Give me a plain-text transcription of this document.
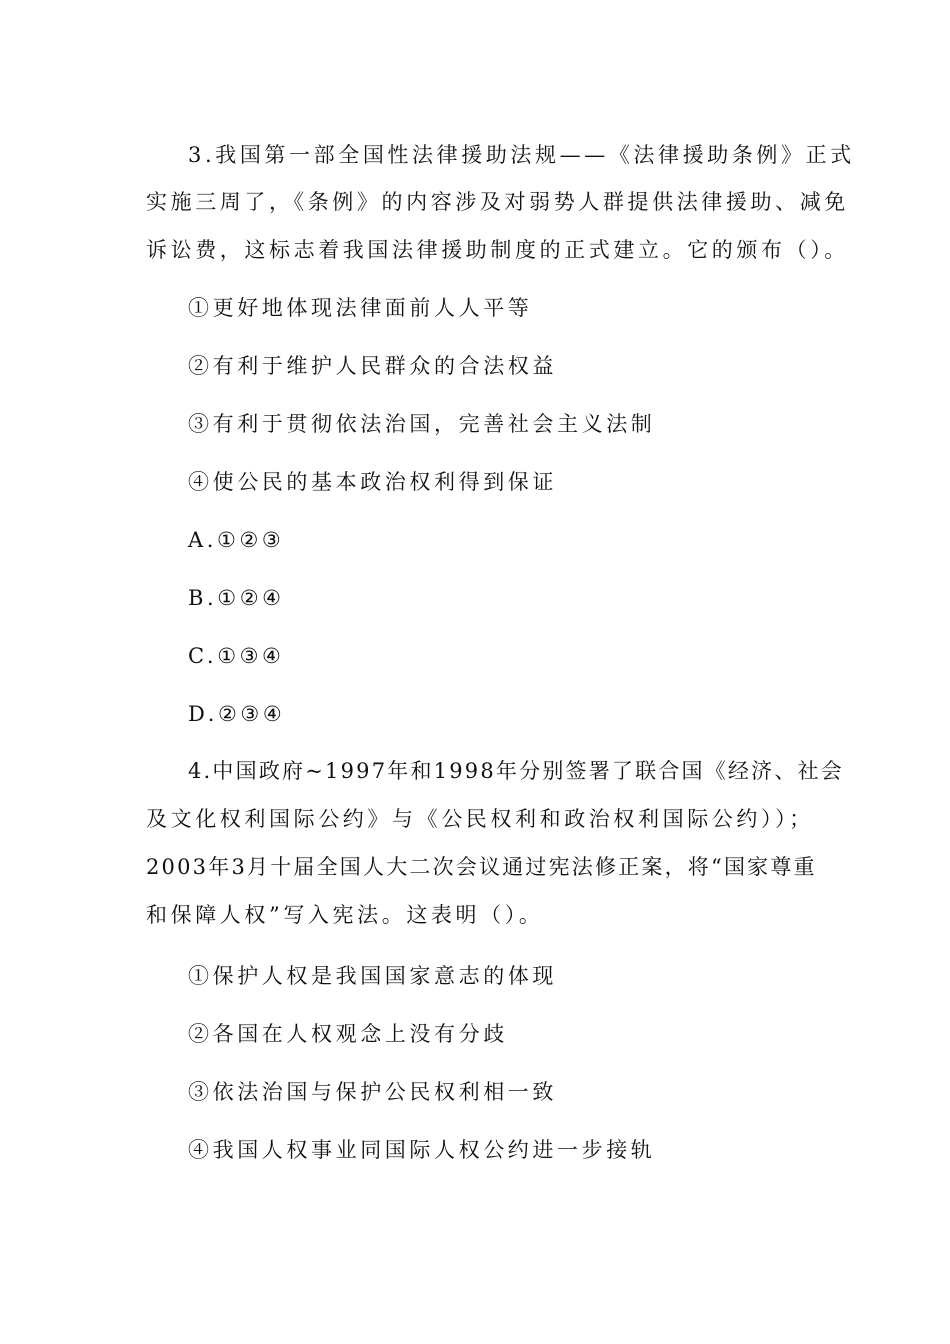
3.我国第一部全国性法律援助法规——《法律援助条例》正式
实施三周了，《条例》的内容涉及对弱势人群提供法律援助、减免
诉讼费，这标志着我国法律援助制度的正式建立。它的颁布（）。
①更好地体现法律面前人人平等
②有利于维护人民群众的合法权益
③有利于贯彻依法治国，完善社会主义法制
④使公民的基本政治权利得到保证
A.①②③
B.①②④
C.①③④
D.②③④
4.中国政府~1997年和1998年分别签署了联合国《经济、社会
及文化权利国际公约》与《公民权利和政治权利国际公约））；
2003年3月十届全国人大二次会议通过宪法修正案，将“国家尊重
和保障人权”写入宪法。这表明（）。
①保护人权是我国国家意志的体现
②各国在人权观念上没有分歧
③依法治国与保护公民权利相一致
④我国人权事业同国际人权公约进一步接轨
